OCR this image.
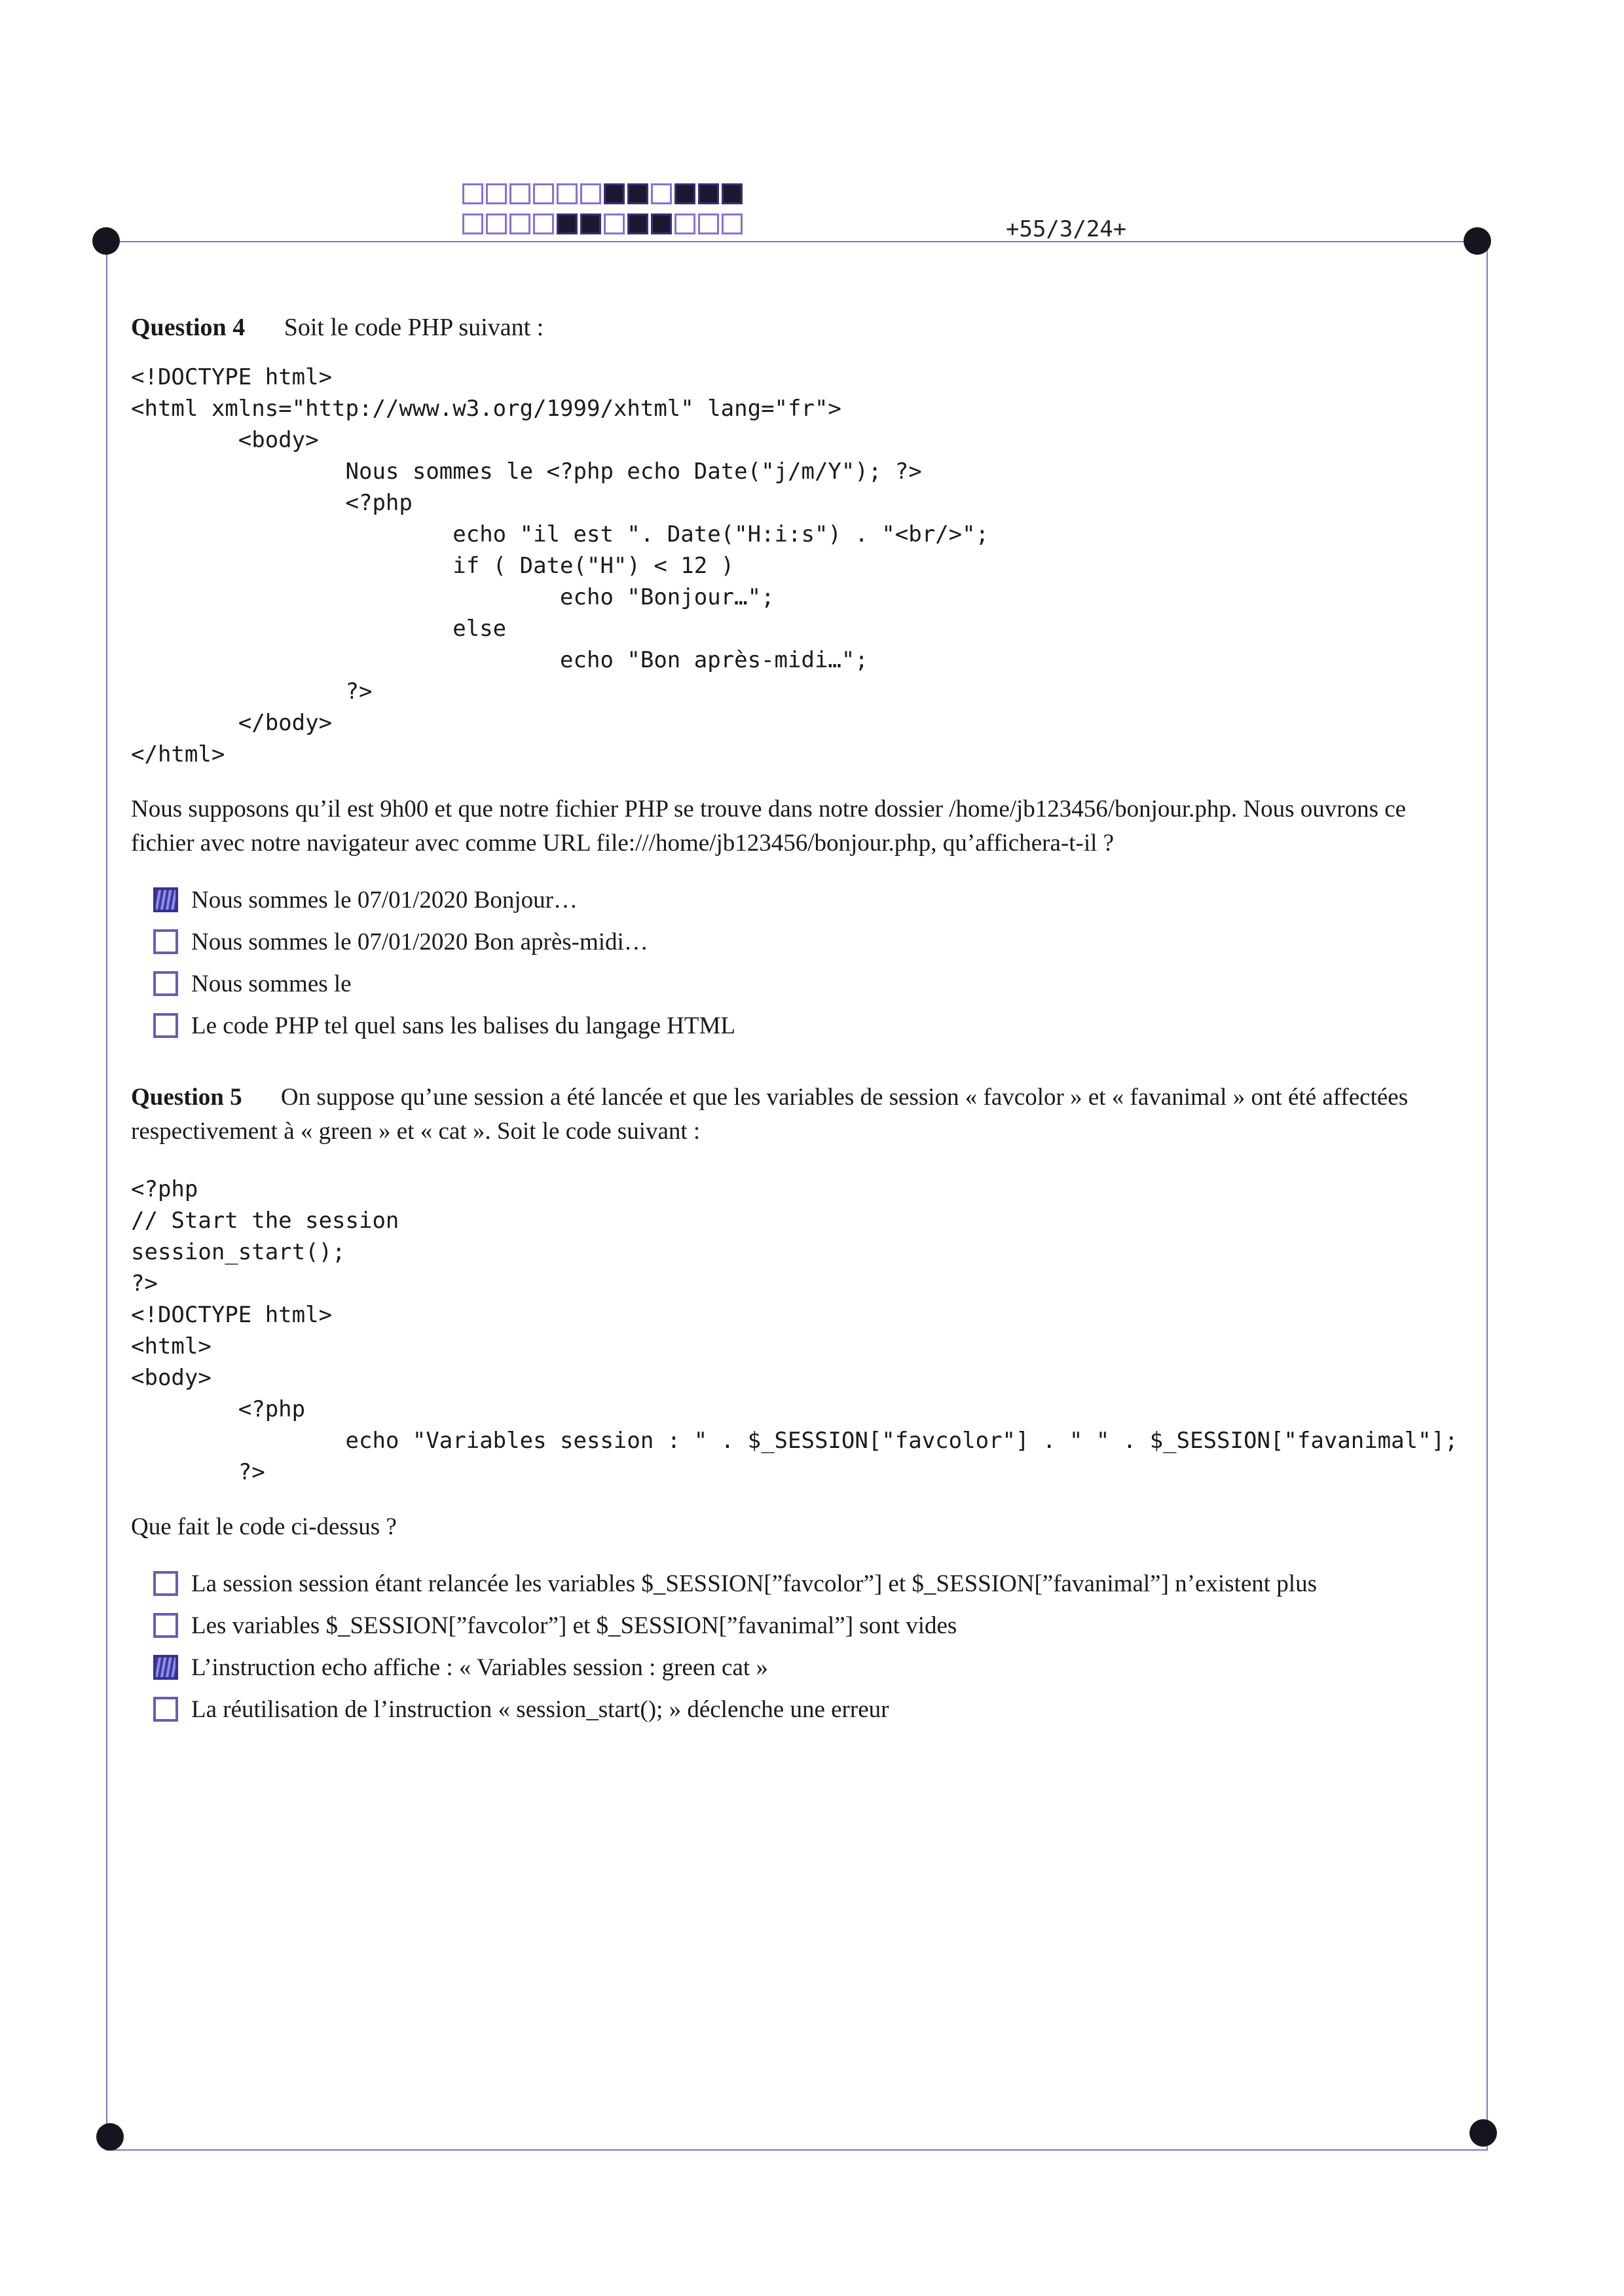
+55/3/24+
Question 4 Soit le code PHP suivant :
<!DOCTYPE html>
<html xmlns="http://www.w3.org/1999/xhtml" lang="fr">
<body>
Nous sommes le <?php echo Date("j/m/Y"); ?>
<?php
echo "il est ". Date("H:i:s") . "<br/>";
if ( Date("H") < 12 )
echo "Bonjour…";
else
echo "Bon après-midi…";
?>
</body>
</html>
Nous supposons qu’il est 9h00 et que notre fichier PHP se trouve dans notre dossier /home/jb123456/bonjour.php. Nous ouvrons ce fichier avec notre navigateur avec comme URL file:///home/jb123456/bonjour.php, qu’affichera-t-il ?
Nous sommes le 07/01/2020 Bonjour…
Nous sommes le 07/01/2020 Bon après-midi…
Nous sommes le
Le code PHP tel quel sans les balises du langage HTML
Question 5 On suppose qu’une session a été lancée et que les variables de session « favcolor » et « favanimal » ont été affectées respectivement à « green » et « cat ». Soit le code suivant :
<?php
// Start the session
session_start();
?>
<!DOCTYPE html>
<html>
<body>
<?php
echo "Variables session : " . $_SESSION["favcolor"] . " " . $_SESSION["favanimal"];
?>
Que fait le code ci-dessus ?
La session session étant relancée les variables $_SESSION[”favcolor”] et $_SESSION[”favanimal”] n’existent plus
Les variables $_SESSION[”favcolor”] et $_SESSION[”favanimal”] sont vides
L’instruction echo affiche : « Variables session : green cat »
La réutilisation de l’instruction « session_start(); » déclenche une erreur
